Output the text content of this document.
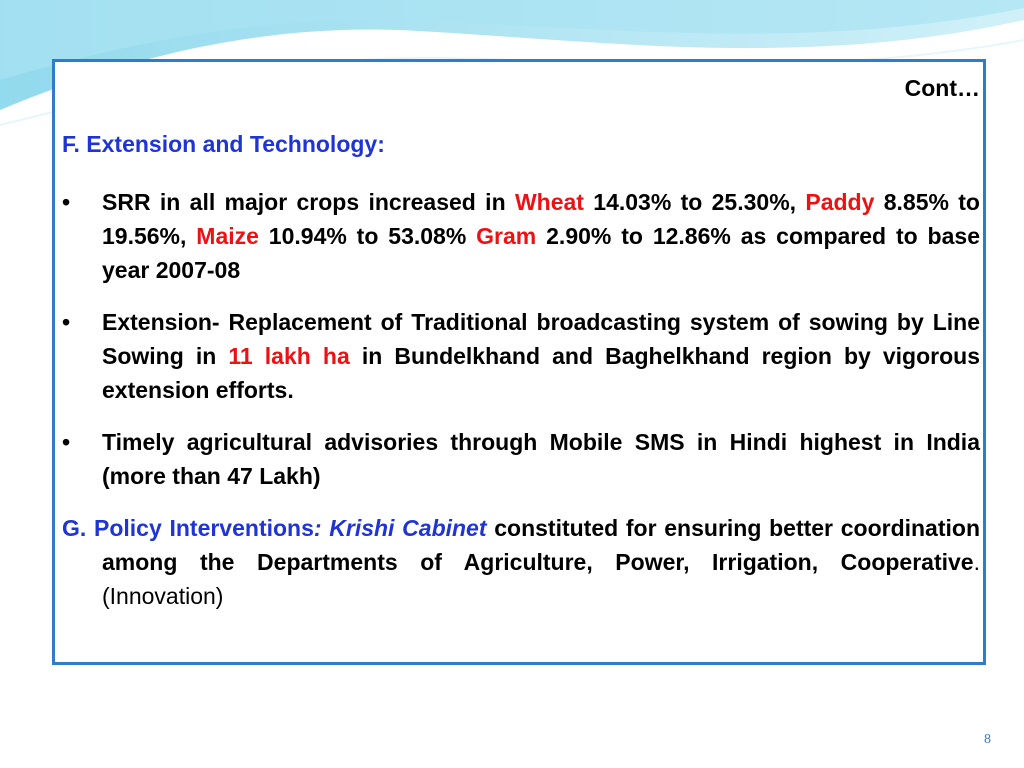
Cont…
F. Extension and Technology:
•	SRR in all major crops increased in Wheat 14.03% to 25.30%, Paddy 8.85% to 19.56%, Maize 10.94% to 53.08% Gram 2.90% to 12.86% as compared to base year 2007-08
•	Extension- Replacement of Traditional broadcasting system of sowing by Line Sowing in 11 lakh ha in Bundelkhand and Baghelkhand region by vigorous extension efforts.
•	Timely agricultural advisories through Mobile SMS in Hindi highest in India (more than 47 Lakh)
G. Policy Interventions: Krishi Cabinet constituted for ensuring better coordination among the Departments of Agriculture, Power, Irrigation, Cooperative. (Innovation)
8
